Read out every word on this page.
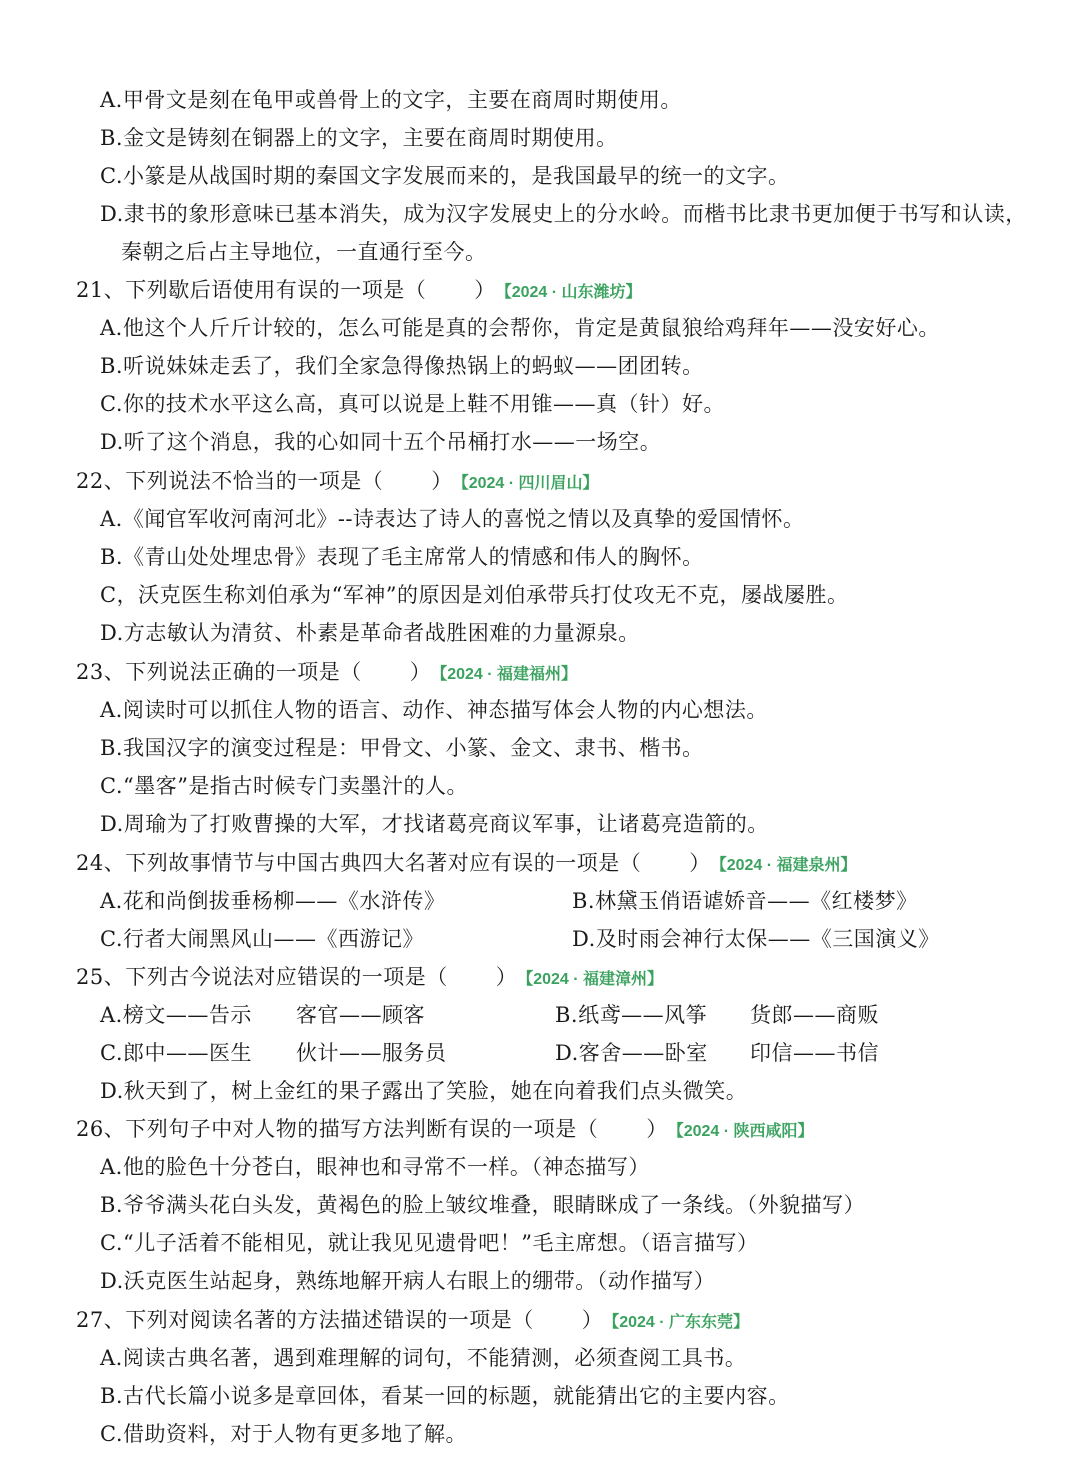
A.甲骨文是刻在龟甲或兽骨上的文字，主要在商周时期使用。
B.金文是铸刻在铜器上的文字，主要在商周时期使用。
C.小篆是从战国时期的秦国文字发展而来的，是我国最早的统一的文字。
D.隶书的象形意味已基本消失，成为汉字发展史上的分水岭。而楷书比隶书更加便于书写和认读，
秦朝之后占主导地位，一直通行至今。
21、下列歇后语使用有误的一项是（ ） 【2024 · 山东潍坊】
A.他这个人斤斤计较的，怎么可能是真的会帮你，肯定是黄鼠狼给鸡拜年——没安好心。
B.听说妹妹走丢了，我们全家急得像热锅上的蚂蚁——团团转。
C.你的技术水平这么高，真可以说是上鞋不用锥——真（针）好。
D.听了这个消息，我的心如同十五个吊桶打水——一场空。
22、下列说法不恰当的一项是（ ） 【2024 · 四川眉山】
A.《闻官军收河南河北》--诗表达了诗人的喜悦之情以及真挚的爱国情怀。
B.《青山处处埋忠骨》表现了毛主席常人的情感和伟人的胸怀。
C，沃克医生称刘伯承为“军神”的原因是刘伯承带兵打仗攻无不克，屡战屡胜。
D.方志敏认为清贫、朴素是革命者战胜困难的力量源泉。
23、下列说法正确的一项是（ ） 【2024 · 福建福州】
A.阅读时可以抓住人物的语言、动作、神态描写体会人物的内心想法。
B.我国汉字的演变过程是：甲骨文、小篆、金文、隶书、楷书。
C.“墨客”是指古时候专门卖墨汁的人。
D.周瑜为了打败曹操的大军，才找诸葛亮商议军事，让诸葛亮造箭的。
24、下列故事情节与中国古典四大名著对应有误的一项是（ ） 【2024 · 福建泉州】
A.花和尚倒拔垂杨柳——《水浒传》	B.林黛玉俏语谑娇音——《红楼梦》
C.行者大闹黑风山——《西游记》	D.及时雨会神行太保——《三国演义》
25、下列古今说法对应错误的一项是（ ） 【2024 · 福建漳州】
A.榜文——告示 客官——顾客	B.纸鸢——风筝 货郎——商贩
C.郎中——医生 伙计——服务员	D.客舍——卧室 印信——书信
D.秋天到了，树上金红的果子露出了笑脸，她在向着我们点头微笑。
26、下列句子中对人物的描写方法判断有误的一项是（ ） 【2024 · 陕西咸阳】
A.他的脸色十分苍白，眼神也和寻常不一样。（神态描写）
B.爷爷满头花白头发，黄褐色的脸上皱纹堆叠，眼睛眯成了一条线。（外貌描写）
C.“儿子活着不能相见，就让我见见遗骨吧！”毛主席想。（语言描写）
D.沃克医生站起身，熟练地解开病人右眼上的绷带。（动作描写）
27、下列对阅读名著的方法描述错误的一项是（ ） 【2024 · 广东东莞】
A.阅读古典名著，遇到难理解的词句，不能猜测，必须查阅工具书。
B.古代长篇小说多是章回体，看某一回的标题，就能猜出它的主要内容。
C.借助资料，对于人物有更多地了解。
